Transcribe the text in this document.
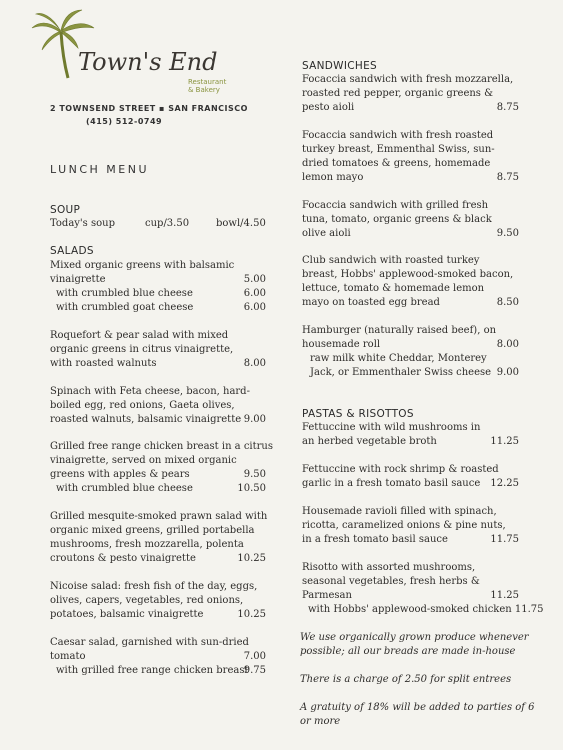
Town's End
Restaurant
& Bakery
2 TOWNSEND STREET ▪ SAN FRANCISCO
(415) 512-0749
LUNCH MENU
SOUP
Today's soup	cup/3.50	bowl/4.50
SALADS
Mixed organic greens with balsamic
vinaigrette	5.00
with crumbled blue cheese	6.00
with crumbled goat cheese	6.00
Roquefort & pear salad with mixed
organic greens in citrus vinaigrette,
with roasted walnuts	8.00
Spinach with Feta cheese, bacon, hard-
boiled egg, red onions, Gaeta olives,
roasted walnuts, balsamic vinaigrette 9.00
Grilled free range chicken breast in a citrus
vinaigrette, served on mixed organic
greens with apples & pears	9.50
with crumbled blue cheese	10.50
Grilled mesquite-smoked prawn salad with
organic mixed greens, grilled portabella
mushrooms, fresh mozzarella, polenta
croutons & pesto vinaigrette	10.25
Nicoise salad: fresh fish of the day, eggs,
olives, capers, vegetables, red onions,
potatoes, balsamic vinaigrette	10.25
Caesar salad, garnished with sun-dried
tomato	7.00
with grilled free range chicken breast
9.75
SANDWICHES
Focaccia sandwich with fresh mozzarella,
roasted red pepper, organic greens &
pesto aioli	8.75
Focaccia sandwich with fresh roasted
turkey breast, Emmenthal Swiss, sun-
dried tomatoes & greens, homemade
lemon mayo	8.75
Focaccia sandwich with grilled fresh
tuna, tomato, organic greens & black
olive aioli	9.50
Club sandwich with roasted turkey
breast, Hobbs' applewood-smoked bacon,
lettuce, tomato & homemade lemon
mayo on toasted egg bread	8.50
Hamburger (naturally raised beef), on
housemade roll	8.00
raw milk white Cheddar, Monterey
Jack, or Emmenthaler Swiss cheese 9.00
PASTAS & RISOTTOS
Fettuccine with wild mushrooms in
an herbed vegetable broth	11.25
Fettuccine with rock shrimp & roasted
garlic in a fresh tomato basil sauce 12.25
Housemade ravioli filled with spinach,
ricotta, caramelized onions & pine nuts,
in a fresh tomato basil sauce	11.75
Risotto with assorted mushrooms,
seasonal vegetables, fresh herbs &
Parmesan	11.25
with Hobbs' applewood-smoked chicken 11.75
We use organically grown produce whenever
possible; all our breads are made in-house
There is a charge of 2.50 for split entrees
A gratuity of 18% will be added to parties of 6
or more
